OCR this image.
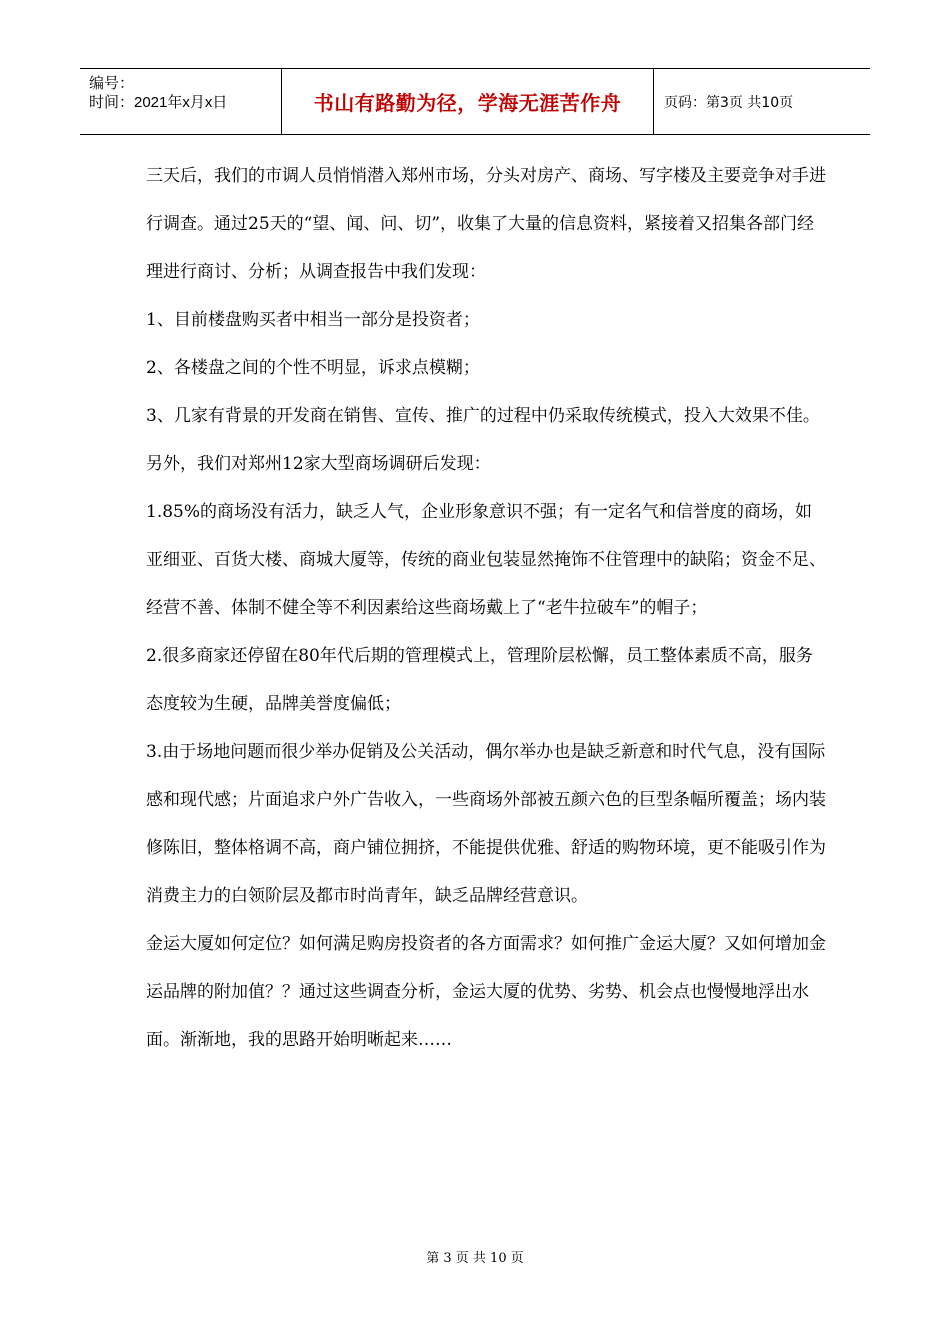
编号：
时间：2021年x月x日	书山有路勤为径，学海无涯苦作舟	页码：第3页 共10页

三天后，我们的市调人员悄悄潜入郑州市场，分头对房产、商场、写字楼及主要竞争对手进行调查。通过25天的“望、闻、问、切”，收集了大量的信息资料，紧接着又招集各部门经理进行商讨、分析；从调查报告中我们发现：

1、目前楼盘购买者中相当一部分是投资者；

2、各楼盘之间的个性不明显，诉求点模糊；

3、几家有背景的开发商在销售、宣传、推广的过程中仍采取传统模式，投入大效果不佳。

另外，我们对郑州12家大型商场调研后发现：

1.85%的商场没有活力，缺乏人气，企业形象意识不强；有一定名气和信誉度的商场，如亚细亚、百货大楼、商城大厦等，传统的商业包装显然掩饰不住管理中的缺陷；资金不足、经营不善、体制不健全等不利因素给这些商场戴上了“老牛拉破车”的帽子；

2.很多商家还停留在80年代后期的管理模式上，管理阶层松懈，员工整体素质不高，服务态度较为生硬，品牌美誉度偏低；

3.由于场地问题而很少举办促销及公关活动，偶尔举办也是缺乏新意和时代气息，没有国际感和现代感；片面追求户外广告收入，一些商场外部被五颜六色的巨型条幅所覆盖；场内装修陈旧，整体格调不高，商户铺位拥挤，不能提供优雅、舒适的购物环境，更不能吸引作为消费主力的白领阶层及都市时尚青年，缺乏品牌经营意识。

金运大厦如何定位？如何满足购房投资者的各方面需求？如何推广金运大厦？又如何增加金运品牌的附加值？？通过这些调查分析，金运大厦的优势、劣势、机会点也慢慢地浮出水面。渐渐地，我的思路开始明晰起来……

第 3 页 共 10 页
